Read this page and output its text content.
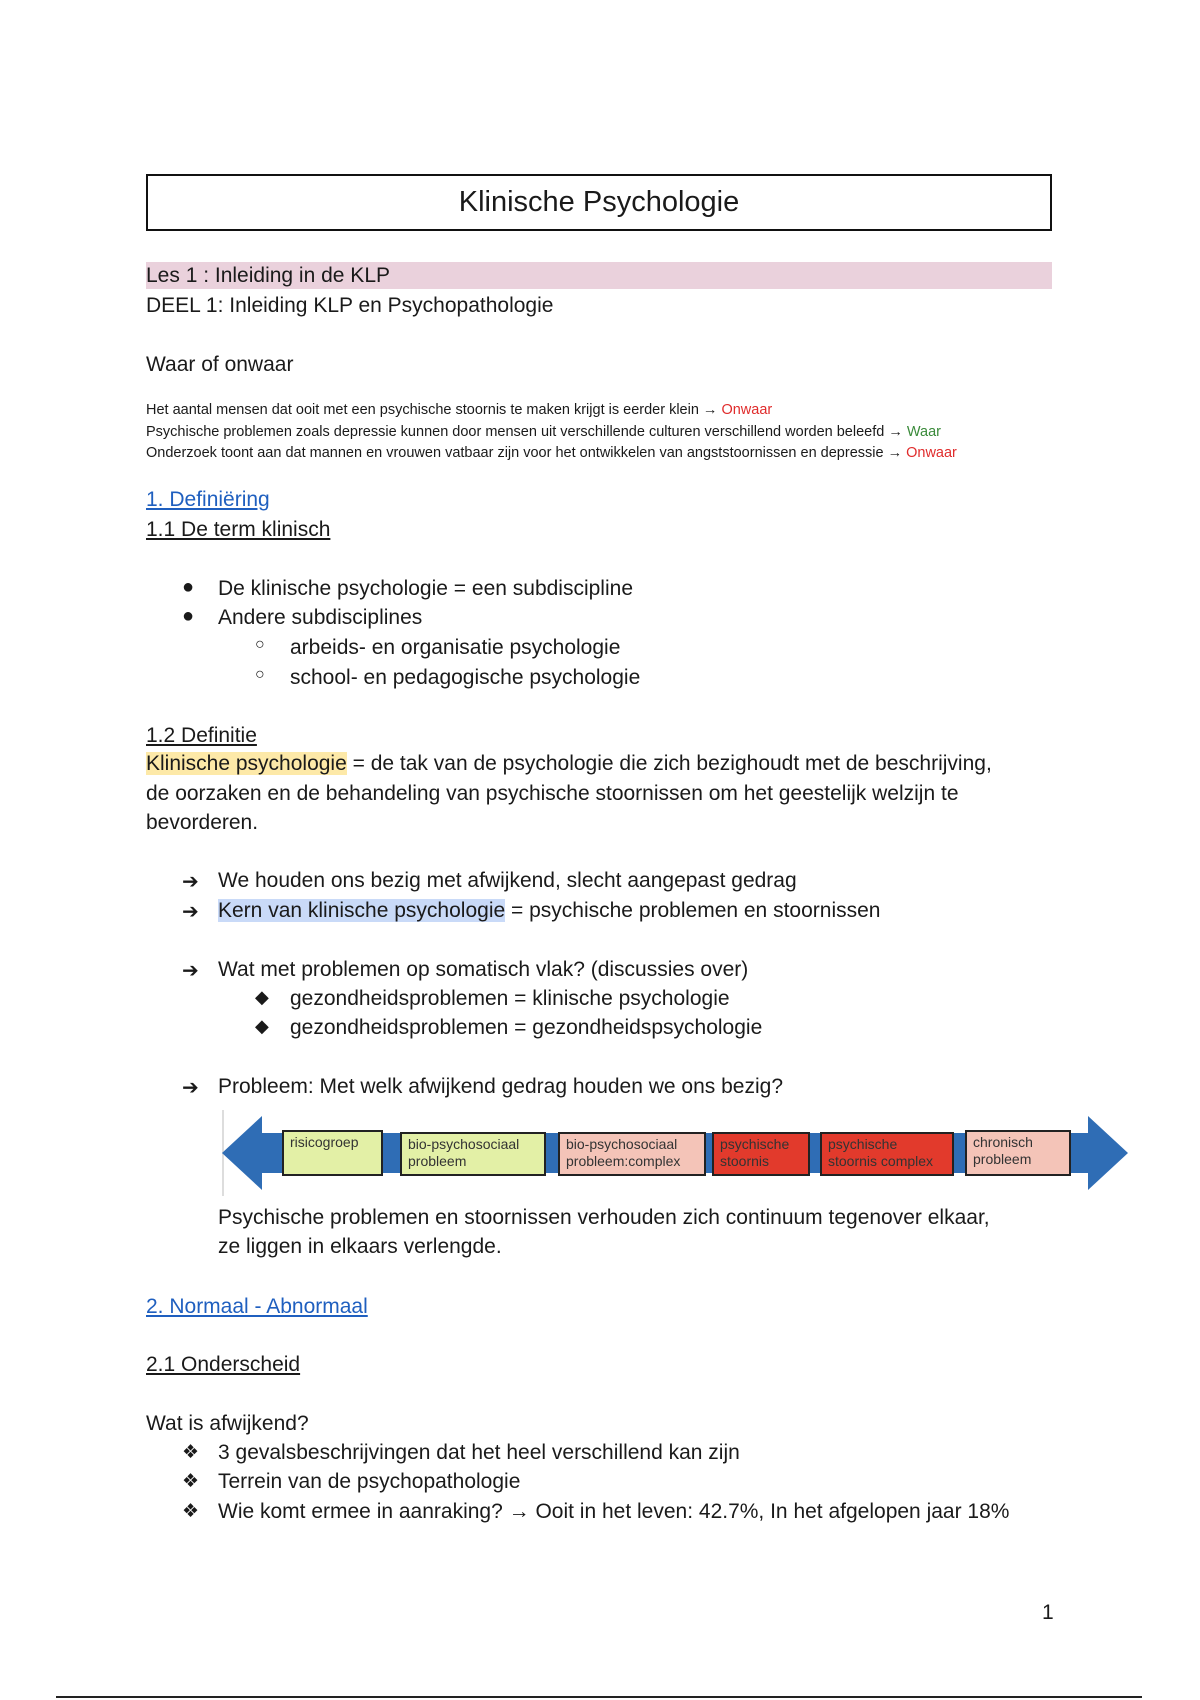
Klinische Psychologie
Les 1 : Inleiding in de KLP
DEEL 1: Inleiding KLP en Psychopathologie
Waar of onwaar
Het aantal mensen dat ooit met een psychische stoornis te maken krijgt is eerder klein → Onwaar
Psychische problemen zoals depressie kunnen door mensen uit verschillende culturen verschillend worden beleefd → Waar
Onderzoek toont aan dat mannen en vrouwen vatbaar zijn voor het ontwikkelen van angststoornissen en depressie → Onwaar
1. Definiëring
1.1 De term klinisch
● De klinische psychologie = een subdiscipline
● Andere subdisciplines
○ arbeids- en organisatie psychologie
○ school- en pedagogische psychologie
1.2 Definitie
Klinische psychologie = de tak van de psychologie die zich bezighoudt met de beschrijving,
de oorzaken en de behandeling van psychische stoornissen om het geestelijk welzijn te
bevorderen.
➔ We houden ons bezig met afwijkend, slecht aangepast gedrag
➔ Kern van klinische psychologie = psychische problemen en stoornissen
➔ Wat met problemen op somatisch vlak? (discussies over)
◆ gezondheidsproblemen = klinische psychologie
◆ gezondheidsproblemen = gezondheidspsychologie
➔ Probleem: Met welk afwijkend gedrag houden we ons bezig?
risicogroep	bio-psychosociaal probleem
bio-psychosociaal probleem:complex
psychische stoornis
psychische stoornis complex
chronisch probleem
Psychische problemen en stoornissen verhouden zich continuum tegenover elkaar,
ze liggen in elkaars verlengde.
2. Normaal - Abnormaal
2.1 Onderscheid
Wat is afwijkend?
❖ 3 gevalsbeschrijvingen dat het heel verschillend kan zijn
❖ Terrein van de psychopathologie
❖ Wie komt ermee in aanraking? → Ooit in het leven: 42.7%, In het afgelopen jaar 18%
1
